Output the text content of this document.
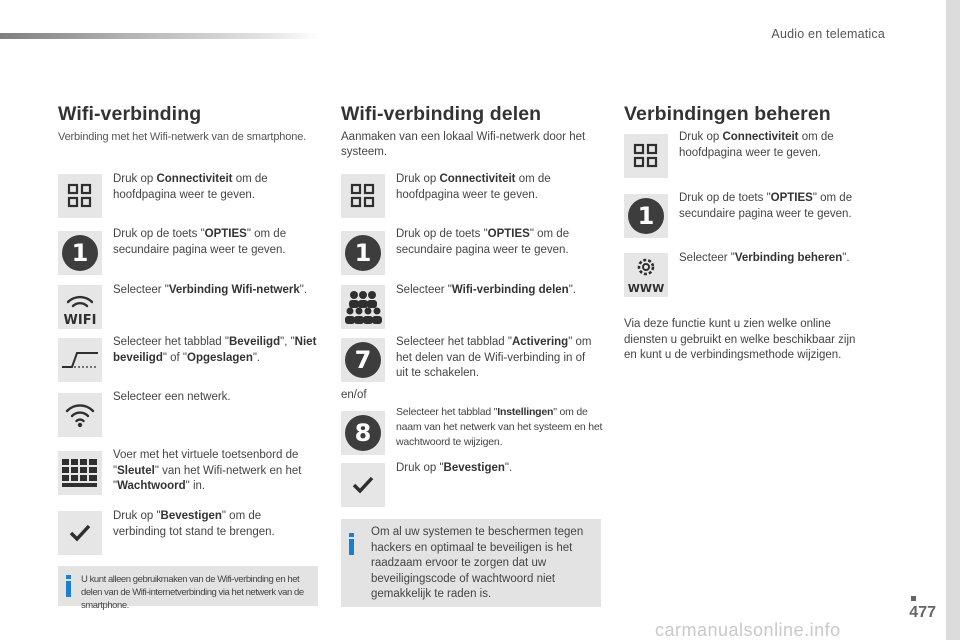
Audio en telematica
Wifi-verbinding
Verbinding met het Wifi-netwerk van de smartphone.
Druk op Connectiviteit om de hoofdpagina weer te geven.
1
Druk op de toets "OPTIES" om de secundaire pagina weer te geven.
WIFI
Selecteer "Verbinding Wifi-netwerk".
Selecteer het tabblad "Beveiligd", "Niet beveiligd" of "Opgeslagen".
Selecteer een netwerk.
Voer met het virtuele toetsenbord de "Sleutel" van het Wifi-netwerk en het "Wachtwoord" in.
Druk op "Bevestigen" om de verbinding tot stand te brengen.
U kunt alleen gebruikmaken van de Wifi-verbinding en het delen van de Wifi-internetverbinding via het netwerk van de smartphone.
Wifi-verbinding delen
Aanmaken van een lokaal Wifi-netwerk door het systeem.
Druk op Connectiviteit om de hoofdpagina weer te geven.
1
Druk op de toets "OPTIES" om de secundaire pagina weer te geven.
Selecteer "Wifi-verbinding delen".
7
Selecteer het tabblad "Activering" om het delen van de Wifi-verbinding in of uit te schakelen.
en/of
8
Selecteer het tabblad "Instellingen" om de naam van het netwerk van het systeem en het wachtwoord te wijzigen.
Druk op "Bevestigen".
Om al uw systemen te beschermen tegen hackers en optimaal te beveiligen is het raadzaam ervoor te zorgen dat uw beveiligingscode of wachtwoord niet gemakkelijk te raden is.
Verbindingen beheren
Druk op Connectiviteit om de hoofdpagina weer te geven.
1
Druk op de toets "OPTIES" om de secundaire pagina weer te geven.
WWW
Selecteer "Verbinding beheren".
Via deze functie kunt u zien welke online diensten u gebruikt en welke beschikbaar zijn en kunt u de verbindingsmethode wijzigen.
477
carmanualsonline.info
